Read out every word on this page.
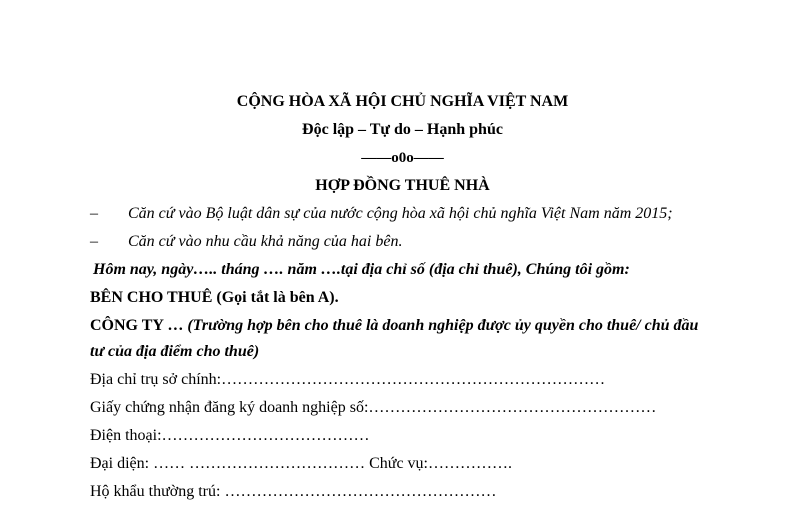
CỘNG HÒA XÃ HỘI CHỦ NGHĨA VIỆT NAM
Độc lập – Tự do – Hạnh phúc
——o0o——
HỢP ĐỒNG THUÊ NHÀ
– Căn cứ vào Bộ luật dân sự của nước cộng hòa xã hội chủ nghĩa Việt Nam năm 2015;
– Căn cứ vào nhu cầu khả năng của hai bên.
Hôm nay, ngày….. tháng …. năm ….tại địa chỉ số (địa chỉ thuê), Chúng tôi gồm:
BÊN CHO THUÊ (Gọi tắt là bên A).
CÔNG TY … (Trường hợp bên cho thuê là doanh nghiệp được ủy quyền cho thuê/ chủ đầu
tư của địa điểm cho thuê)
Địa chỉ trụ sở chính:………………………………………………………………
Giấy chứng nhận đăng ký doanh nghiệp số:………………………………………………
Điện thoại:…………………………………
Đại diện: …… …………………………… Chức vụ:…………….
Hộ khẩu thường trú: ……………………………………………
